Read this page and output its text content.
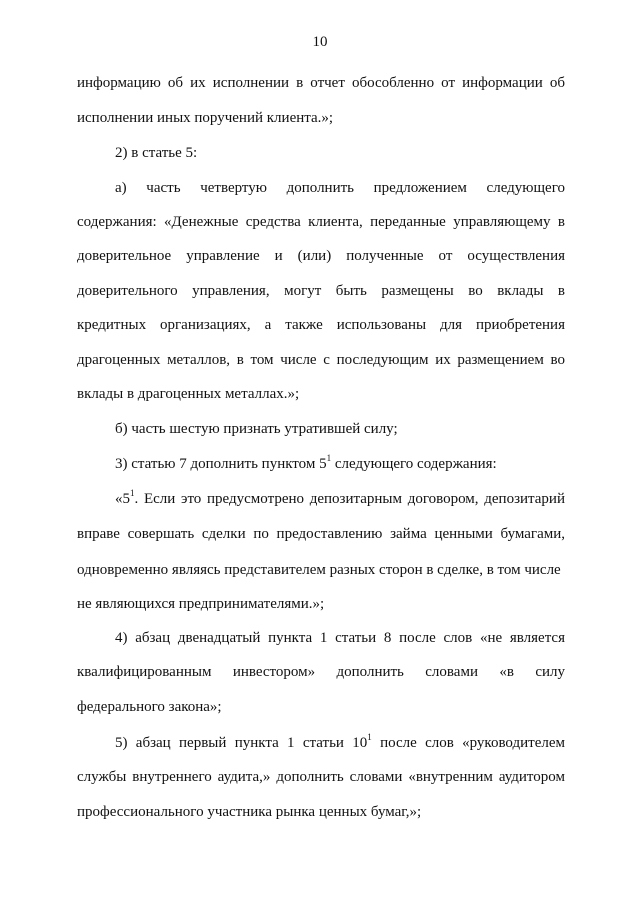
10
информацию об их исполнении в отчет обособленно от информации об
исполнении иных поручений клиента.»;
2) в статье 5:
а) часть четвертую дополнить предложением следующего
содержания: «Денежные средства клиента, переданные управляющему в
доверительное управление и (или) полученные от осуществления
доверительного управления, могут быть размещены во вклады в
кредитных организациях, а также использованы для приобретения
драгоценных металлов, в том числе с последующим их размещением во
вклады в драгоценных металлах.»;
б) часть шестую признать утратившей силу;
3) статью 7 дополнить пунктом $5^1$ следующего содержания:
«$5^1$. Если это предусмотрено депозитарным договором, депозитарий
вправе совершать сделки по предоставлению займа ценными бумагами,
одновременно являясь представителем разных сторон в сделке, в том числе
не являющихся предпринимателями.»;
4) абзац двенадцатый пункта 1 статьи 8 после слов «не является
квалифицированным инвестором» дополнить словами «в силу
федерального закона»;
5) абзац первый пункта 1 статьи $10^1$ после слов «руководителем
службы внутреннего аудита,» дополнить словами «внутренним аудитором
профессионального участника рынка ценных бумаг,»;
